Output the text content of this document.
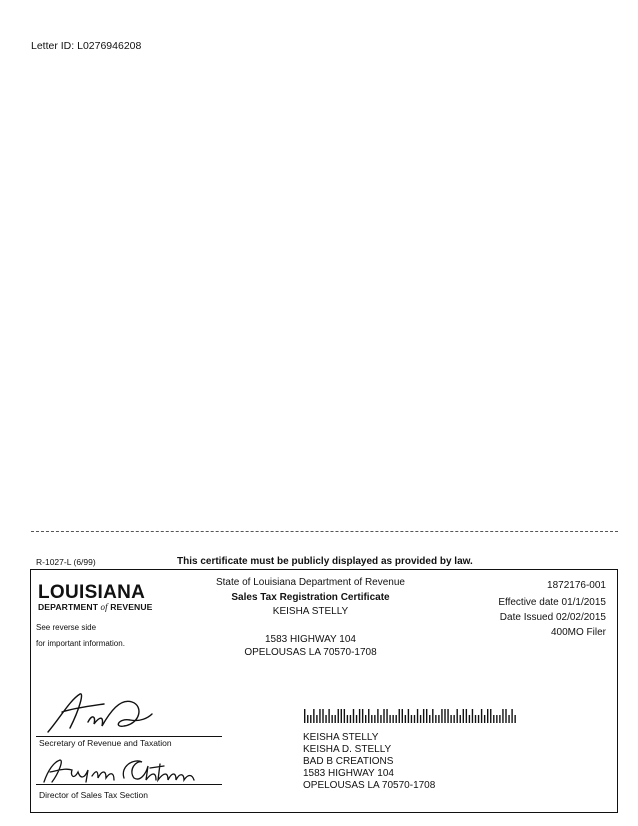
Letter ID: L0276946208
R-1027-L (6/99)	This certificate must be publicly displayed as provided by law.
LOUISIANA
DEPARTMENT of REVENUE
See reverse side
for important information.
State of Louisiana Department of Revenue
Sales Tax Registration Certificate
KEISHA STELLY
1583 HIGHWAY 104
OPELOUSAS LA 70570-1708
1872176-001
Effective date 01/1/2015
Date Issued 02/02/2015
400MO Filer
Secretary of Revenue and Taxation
Director of Sales Tax Section
KEISHA STELLY
KEISHA D. STELLY
BAD B CREATIONS
1583 HIGHWAY 104
OPELOUSAS LA 70570-1708
